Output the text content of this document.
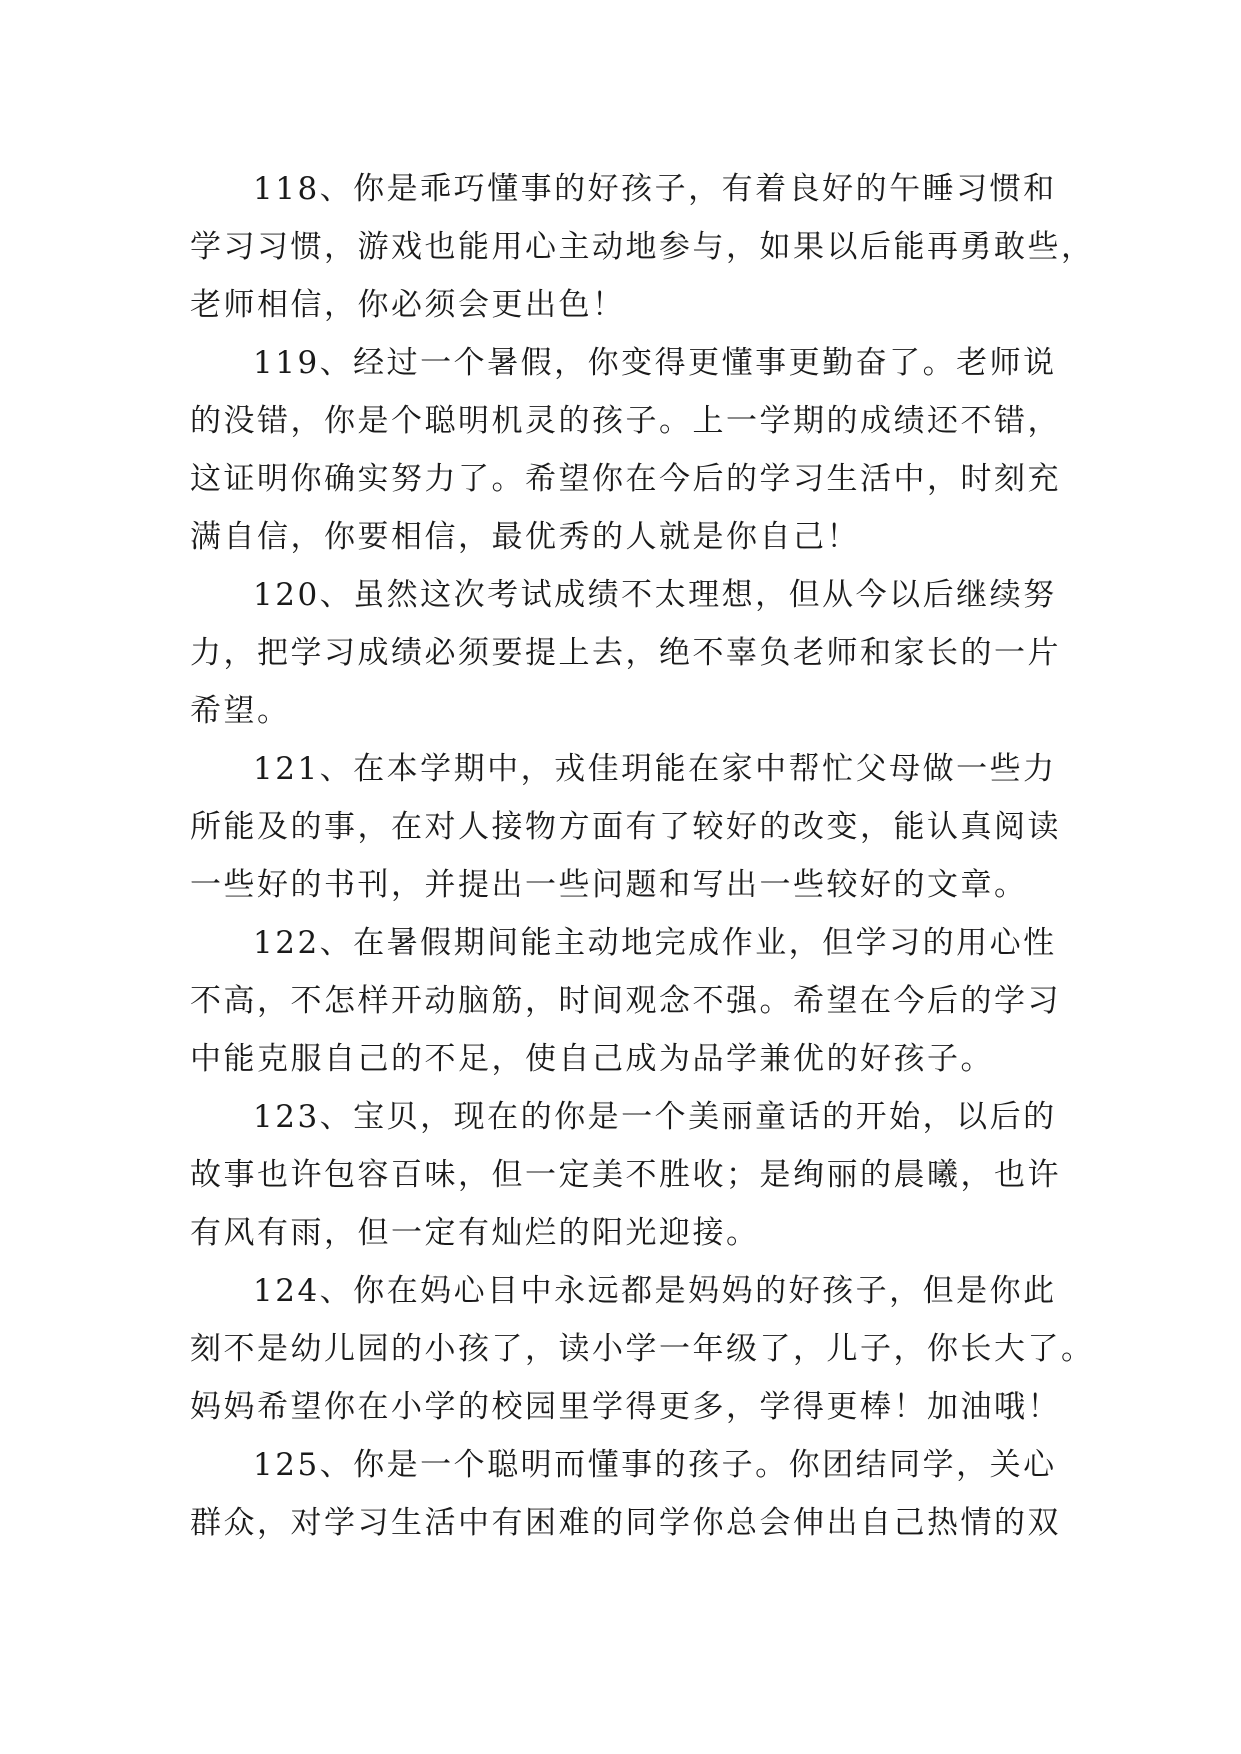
118、你是乖巧懂事的好孩子，有着良好的午睡习惯和
学习习惯，游戏也能用心主动地参与，如果以后能再勇敢些，
老师相信，你必须会更出色！
119、经过一个暑假，你变得更懂事更勤奋了。老师说
的没错，你是个聪明机灵的孩子。上一学期的成绩还不错，
这证明你确实努力了。希望你在今后的学习生活中，时刻充
满自信，你要相信，最优秀的人就是你自己！
120、虽然这次考试成绩不太理想，但从今以后继续努
力，把学习成绩必须要提上去，绝不辜负老师和家长的一片
希望。
121、在本学期中，戎佳玥能在家中帮忙父母做一些力
所能及的事，在对人接物方面有了较好的改变，能认真阅读
一些好的书刊，并提出一些问题和写出一些较好的文章。
122、在暑假期间能主动地完成作业，但学习的用心性
不高，不怎样开动脑筋，时间观念不强。希望在今后的学习
中能克服自己的不足，使自己成为品学兼优的好孩子。
123、宝贝，现在的你是一个美丽童话的开始，以后的
故事也许包容百味，但一定美不胜收；是绚丽的晨曦，也许
有风有雨，但一定有灿烂的阳光迎接。
124、你在妈心目中永远都是妈妈的好孩子，但是你此
刻不是幼儿园的小孩了，读小学一年级了，儿子，你长大了。
妈妈希望你在小学的校园里学得更多，学得更棒！加油哦！
125、你是一个聪明而懂事的孩子。你团结同学，关心
群众，对学习生活中有困难的同学你总会伸出自己热情的双
